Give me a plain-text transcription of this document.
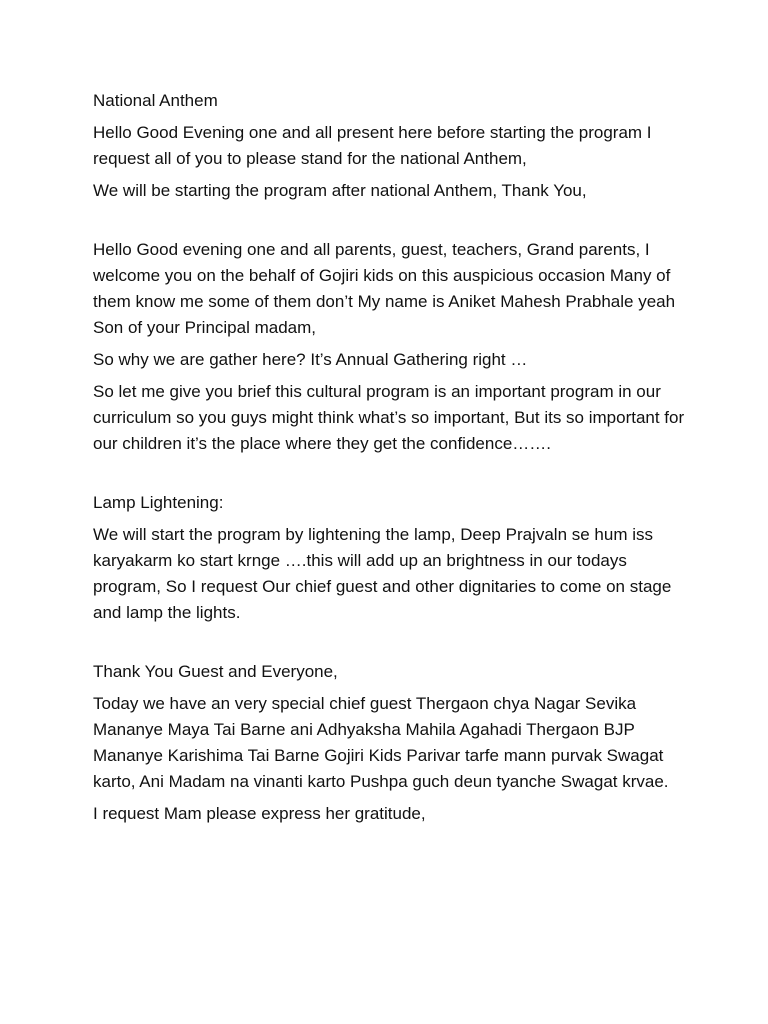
National Anthem

Hello Good Evening one and all present here before starting the program I request all of you to please stand for the national Anthem,

We will be starting the program after national Anthem, Thank You,

Hello Good evening one and all parents, guest, teachers, Grand parents, I welcome you on the behalf of Gojiri kids on this auspicious occasion Many of them know me some of them don’t My name is Aniket Mahesh Prabhale yeah Son of your Principal madam,

So why we are gather here? It’s Annual Gathering right …

So let me give you brief this cultural program is an important program in our curriculum so you guys might think what’s so important, But its so important for our children it’s the place where they get the confidence…….

Lamp Lightening:

We will start the program by lightening the lamp, Deep Prajvaln se hum iss karyakarm ko start krnge ….this will add up an brightness in our todays program, So I request Our chief guest and other dignitaries to come on stage and lamp the lights.

Thank You Guest and Everyone,

Today we have an very special chief guest Thergaon chya Nagar Sevika Mananye Maya Tai Barne ani Adhyaksha Mahila Agahadi Thergaon BJP Mananye Karishima Tai Barne Gojiri Kids Parivar tarfe mann purvak Swagat karto, Ani Madam na vinanti karto Pushpa guch deun tyanche Swagat krvae.

I request Mam please express her gratitude,
